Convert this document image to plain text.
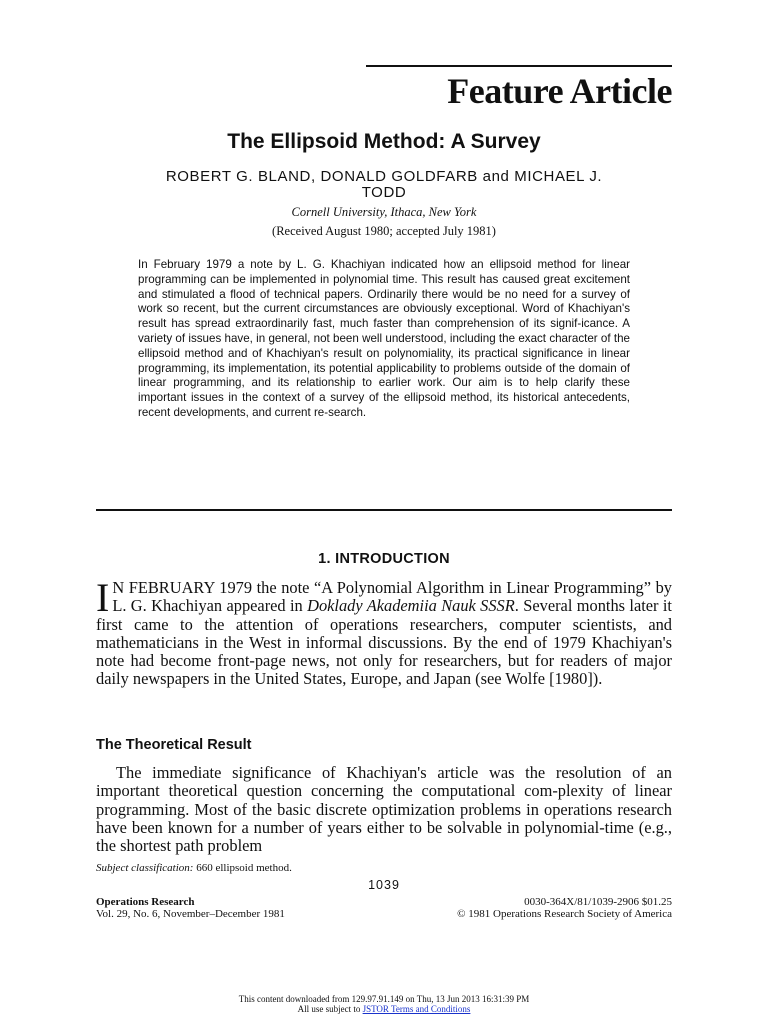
Feature Article
The Ellipsoid Method: A Survey
ROBERT G. BLAND, DONALD GOLDFARB and MICHAEL J. TODD
Cornell University, Ithaca, New York
(Received August 1980; accepted July 1981)

In February 1979 a note by L. G. Khachiyan indicated how an ellipsoid method for linear programming can be implemented in polynomial time. This result has caused great excitement and stimulated a flood of technical papers. Ordinarily there would be no need for a survey of work so recent, but the current circumstances are obviously exceptional. Word of Khachiyan's result has spread extraordinarily fast, much faster than comprehension of its signif-icance. A variety of issues have, in general, not been well understood, including the exact character of the ellipsoid method and of Khachiyan's result on polynomiality, its practical significance in linear programming, its implementation, its potential applicability to problems outside of the domain of linear programming, and its relationship to earlier work. Our aim is to help clarify these important issues in the context of a survey of the ellipsoid method, its historical antecedents, recent developments, and current re-search.

1. INTRODUCTION

I N FEBRUARY 1979 the note “A Polynomial Algorithm in Linear Programming” by L. G. Khachiyan appeared in Doklady Akademiia Nauk SSSR. Several months later it first came to the attention of operations researchers, computer scientists, and mathematicians in the West in informal discussions. By the end of 1979 Khachiyan's note had become front-page news, not only for researchers, but for readers of major daily newspapers in the United States, Europe, and Japan (see Wolfe [1980]).

The Theoretical Result

The immediate significance of Khachiyan's article was the resolution of an important theoretical question concerning the computational com-plexity of linear programming. Most of the basic discrete optimization problems in operations research have been known for a number of years either to be solvable in polynomial-time (e.g., the shortest path problem

Subject classification: 660 ellipsoid method.
1039
Operations Research
Vol. 29, No. 6, November–December 1981
0030-364X/81/1039-2906 $01.25
© 1981 Operations Research Society of America
This content downloaded from 129.97.91.149 on Thu, 13 Jun 2013 16:31:39 PM
All use subject to JSTOR Terms and Conditions
